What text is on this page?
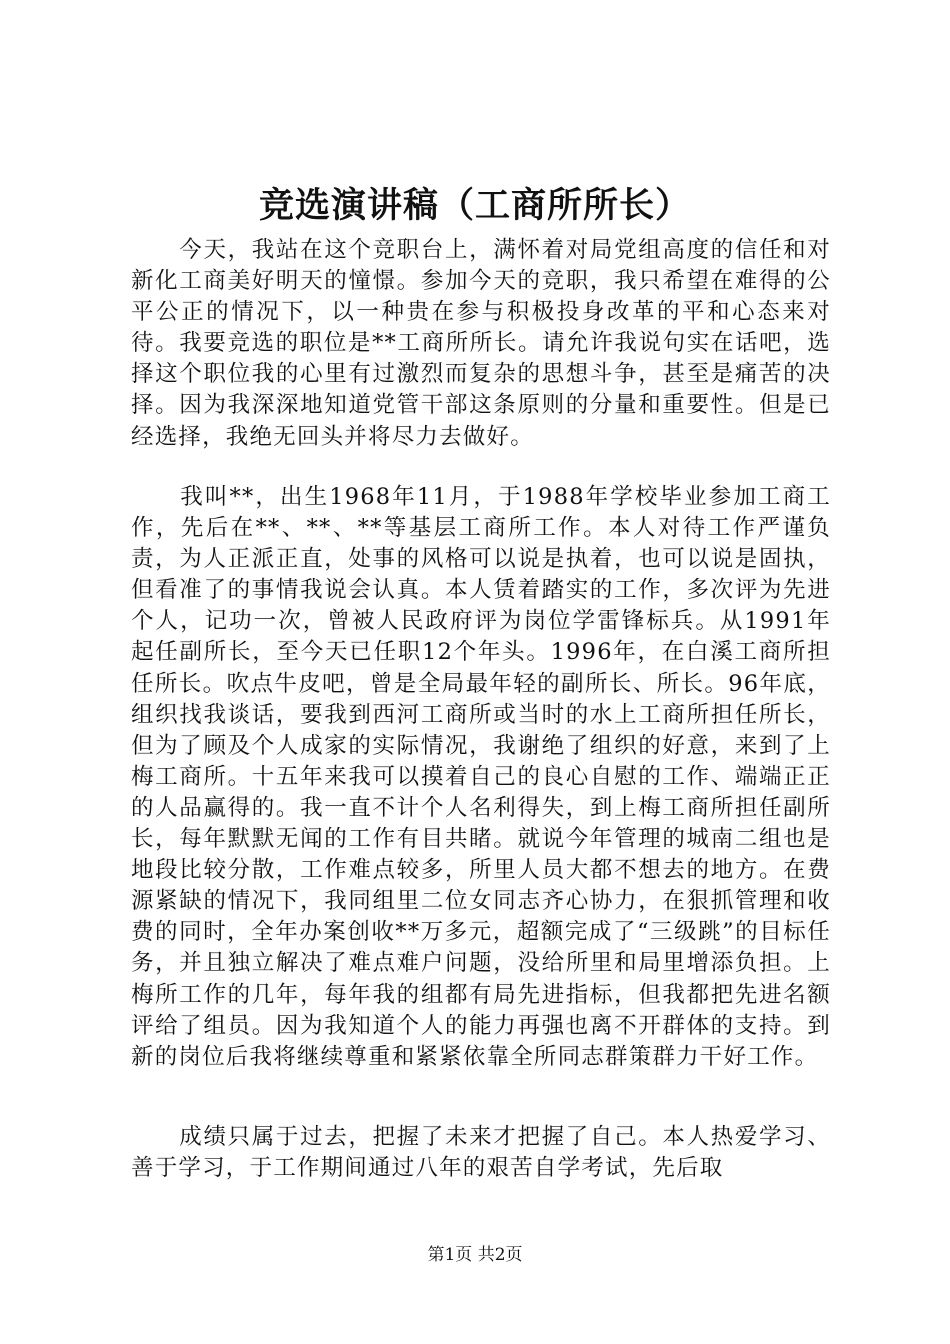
竞选演讲稿（工商所所长）

　　今天，我站在这个竞职台上，满怀着对局党组高度的信任和对新化工商美好明天的憧憬。参加今天的竞职，我只希望在难得的公平公正的情况下，以一种贵在参与积极投身改革的平和心态来对待。我要竞选的职位是**工商所所长。请允许我说句实在话吧，选择这个职位我的心里有过激烈而复杂的思想斗争，甚至是痛苦的决择。因为我深深地知道党管干部这条原则的分量和重要性。但是已经选择，我绝无回头并将尽力去做好。

　　我叫**，出生1968年11月，于1988年学校毕业参加工商工作，先后在**、**、**等基层工商所工作。本人对待工作严谨负责，为人正派正直，处事的风格可以说是执着，也可以说是固执，但看准了的事情我说会认真。本人赁着踏实的工作，多次评为先进个人，记功一次，曾被人民政府评为岗位学雷锋标兵。从1991年起任副所长，至今天已任职12个年头。1996年，在白溪工商所担任所长。吹点牛皮吧，曾是全局最年轻的副所长、所长。96年底，组织找我谈话，要我到西河工商所或当时的水上工商所担任所长，但为了顾及个人成家的实际情况，我谢绝了组织的好意，来到了上梅工商所。十五年来我可以摸着自己的良心自慰的工作、端端正正的人品赢得的。我一直不计个人名利得失，到上梅工商所担任副所长，每年默默无闻的工作有目共睹。就说今年管理的城南二组也是地段比较分散，工作难点较多，所里人员大都不想去的地方。在费源紧缺的情况下，我同组里二位女同志齐心协力，在狠抓管理和收费的同时，全年办案创收**万多元，超额完成了“三级跳”的目标任务，并且独立解决了难点难户问题，没给所里和局里增添负担。上梅所工作的几年，每年我的组都有局先进指标，但我都把先进名额评给了组员。因为我知道个人的能力再强也离不开群体的支持。到新的岗位后我将继续尊重和紧紧依靠全所同志群策群力干好工作。

　　成绩只属于过去，把握了未来才把握了自己。本人热爱学习、善于学习，于工作期间通过八年的艰苦自学考试，先后取

第1页 共2页
